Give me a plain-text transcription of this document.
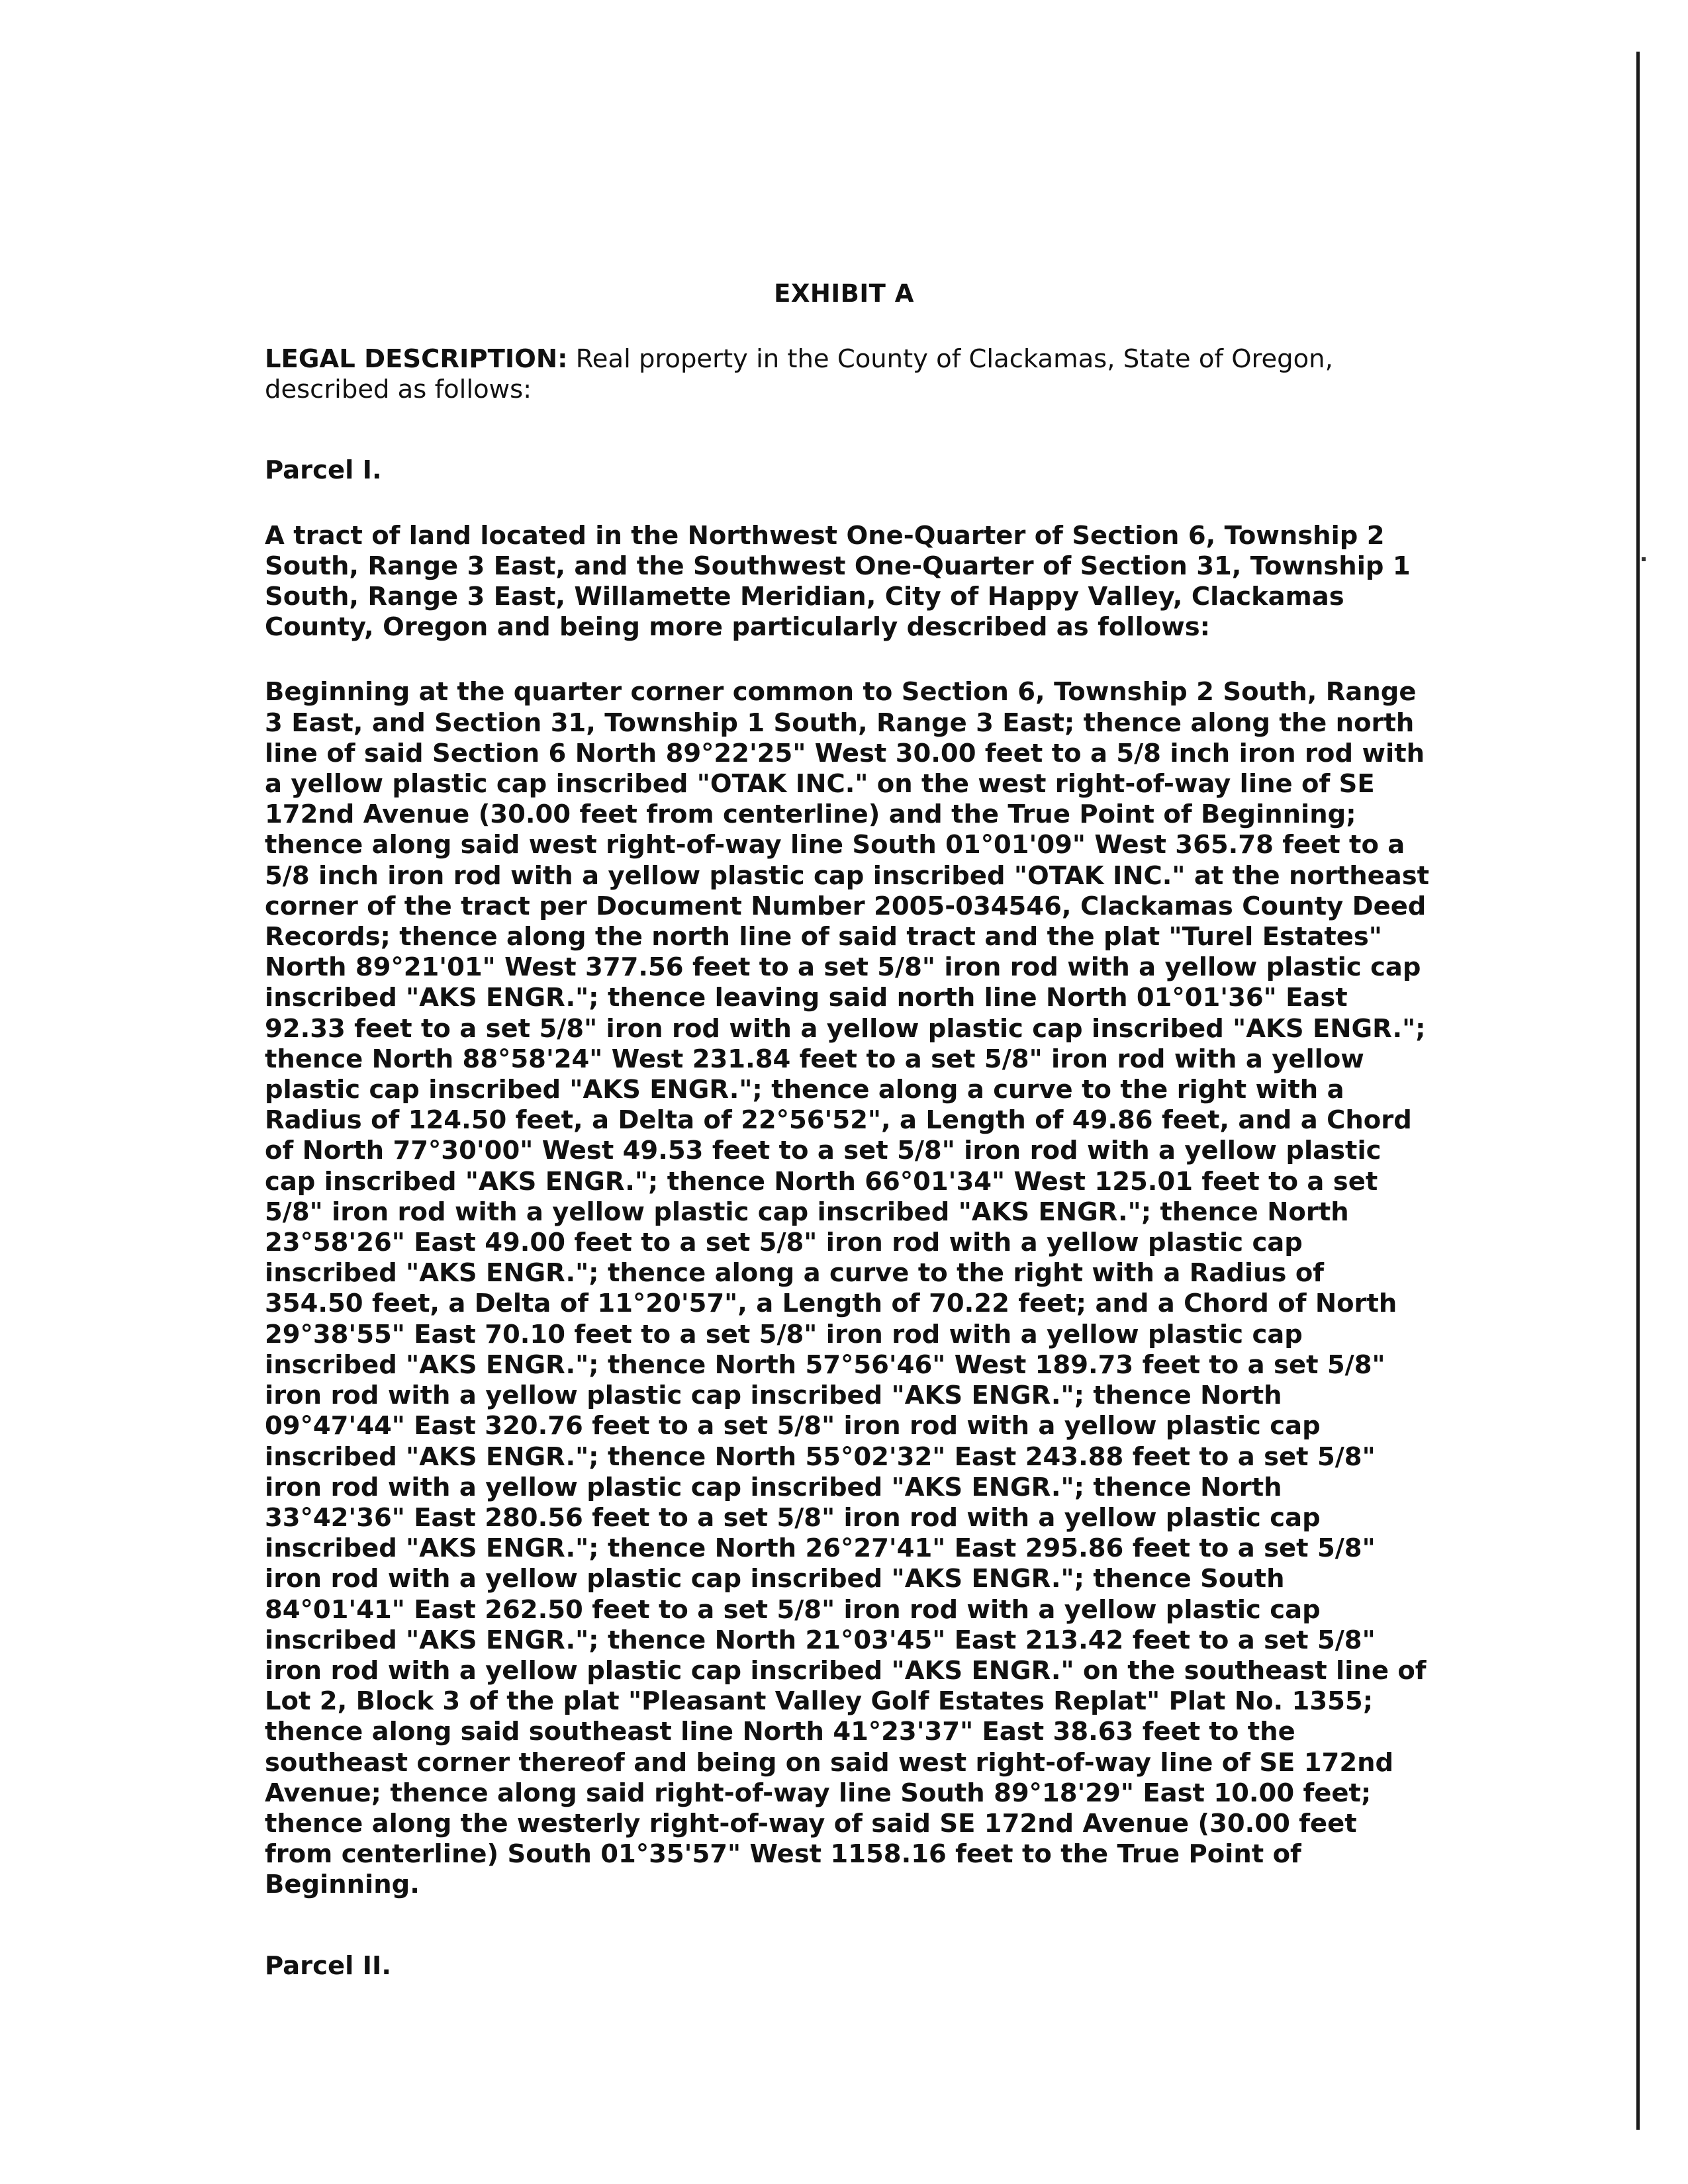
EXHIBIT A

LEGAL DESCRIPTION: Real property in the County of Clackamas, State of Oregon, described as follows:

Parcel I.

A tract of land located in the Northwest One-Quarter of Section 6, Township 2 South, Range 3 East, and the Southwest One-Quarter of Section 31, Township 1 South, Range 3 East, Willamette Meridian, City of Happy Valley, Clackamas County, Oregon and being more particularly described as follows:

Beginning at the quarter corner common to Section 6, Township 2 South, Range 3 East, and Section 31, Township 1 South, Range 3 East; thence along the north line of said Section 6 North 89°22'25" West 30.00 feet to a 5/8 inch iron rod with a yellow plastic cap inscribed "OTAK INC." on the west right-of-way line of SE 172nd Avenue (30.00 feet from centerline) and the True Point of Beginning; thence along said west right-of-way line South 01°01'09" West 365.78 feet to a 5/8 inch iron rod with a yellow plastic cap inscribed "OTAK INC." at the northeast corner of the tract per Document Number 2005-034546, Clackamas County Deed Records; thence along the north line of said tract and the plat "Turel Estates" North 89°21'01" West 377.56 feet to a set 5/8" iron rod with a yellow plastic cap inscribed "AKS ENGR."; thence leaving said north line North 01°01'36" East 92.33 feet to a set 5/8" iron rod with a yellow plastic cap inscribed "AKS ENGR."; thence North 88°58'24" West 231.84 feet to a set 5/8" iron rod with a yellow plastic cap inscribed "AKS ENGR."; thence along a curve to the right with a Radius of 124.50 feet, a Delta of 22°56'52", a Length of 49.86 feet, and a Chord of North 77°30'00" West 49.53 feet to a set 5/8" iron rod with a yellow plastic cap inscribed "AKS ENGR."; thence North 66°01'34" West 125.01 feet to a set 5/8" iron rod with a yellow plastic cap inscribed "AKS ENGR."; thence North 23°58'26" East 49.00 feet to a set 5/8" iron rod with a yellow plastic cap inscribed "AKS ENGR."; thence along a curve to the right with a Radius of 354.50 feet, a Delta of 11°20'57", a Length of 70.22 feet; and a Chord of North 29°38'55" East 70.10 feet to a set 5/8" iron rod with a yellow plastic cap inscribed "AKS ENGR."; thence North 57°56'46" West 189.73 feet to a set 5/8" iron rod with a yellow plastic cap inscribed "AKS ENGR."; thence North 09°47'44" East 320.76 feet to a set 5/8" iron rod with a yellow plastic cap inscribed "AKS ENGR."; thence North 55°02'32" East 243.88 feet to a set 5/8" iron rod with a yellow plastic cap inscribed "AKS ENGR."; thence North 33°42'36" East 280.56 feet to a set 5/8" iron rod with a yellow plastic cap inscribed "AKS ENGR."; thence North 26°27'41" East 295.86 feet to a set 5/8" iron rod with a yellow plastic cap inscribed "AKS ENGR."; thence South 84°01'41" East 262.50 feet to a set 5/8" iron rod with a yellow plastic cap inscribed "AKS ENGR."; thence North 21°03'45" East 213.42 feet to a set 5/8" iron rod with a yellow plastic cap inscribed "AKS ENGR." on the southeast line of Lot 2, Block 3 of the plat "Pleasant Valley Golf Estates Replat" Plat No. 1355; thence along said southeast line North 41°23'37" East 38.63 feet to the southeast corner thereof and being on said west right-of-way line of SE 172nd Avenue; thence along said right-of-way line South 89°18'29" East 10.00 feet; thence along the westerly right-of-way of said SE 172nd Avenue (30.00 feet from centerline) South 01°35'57" West 1158.16 feet to the True Point of Beginning.

Parcel II.
